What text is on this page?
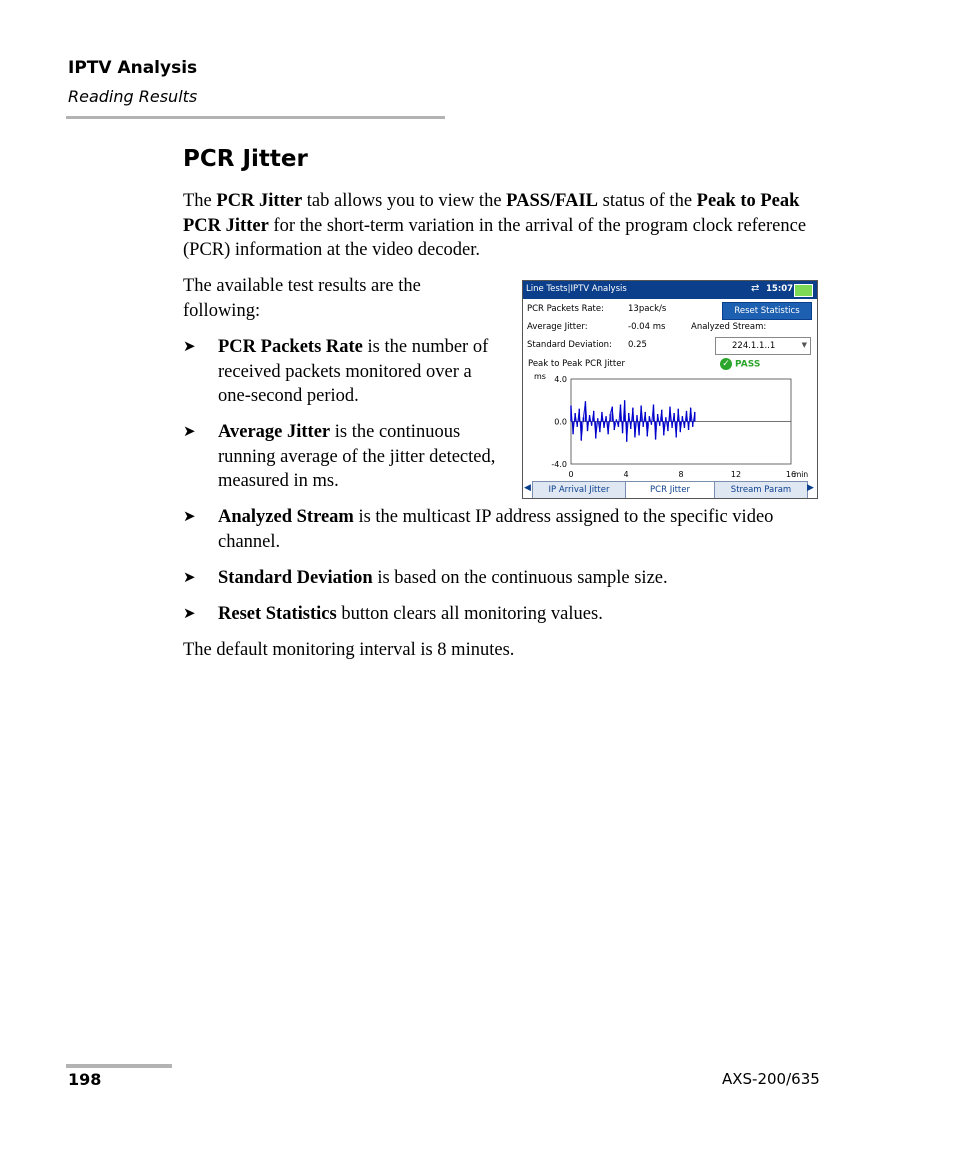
IPTV Analysis
Reading Results
PCR Jitter
The PCR Jitter tab allows you to view the PASS/FAIL status of the Peak to Peak PCR Jitter for the short-term variation in the arrival of the program clock reference (PCR) information at the video decoder.
The available test results are the following:
➤ PCR Packets Rate is the number of received packets monitored over a one-second period.
➤ Average Jitter is the continuous running average of the jitter detected, measured in ms.
➤ Analyzed Stream is the multicast IP address assigned to the specific video channel.
➤ Standard Deviation is based on the continuous sample size.
➤ Reset Statistics button clears all monitoring values.
The default monitoring interval is 8 minutes.
Line Tests|IPTV Analysis	⇄ 15:07
PCR Packets Rate:	13pack/s
Average Jitter:	-0.04 ms
Standard Deviation: 0.25
Reset Statistics
Analyzed Stream:
224.1.1..1	▼
Peak to Peak PCR Jitter	✓ PASS
ms 4.0
0.0
-4.0
0	4	8	12	16
min
◀	IP Arrival Jitter	PCR Jitter	Stream Param	▶
198	AXS-200/635
